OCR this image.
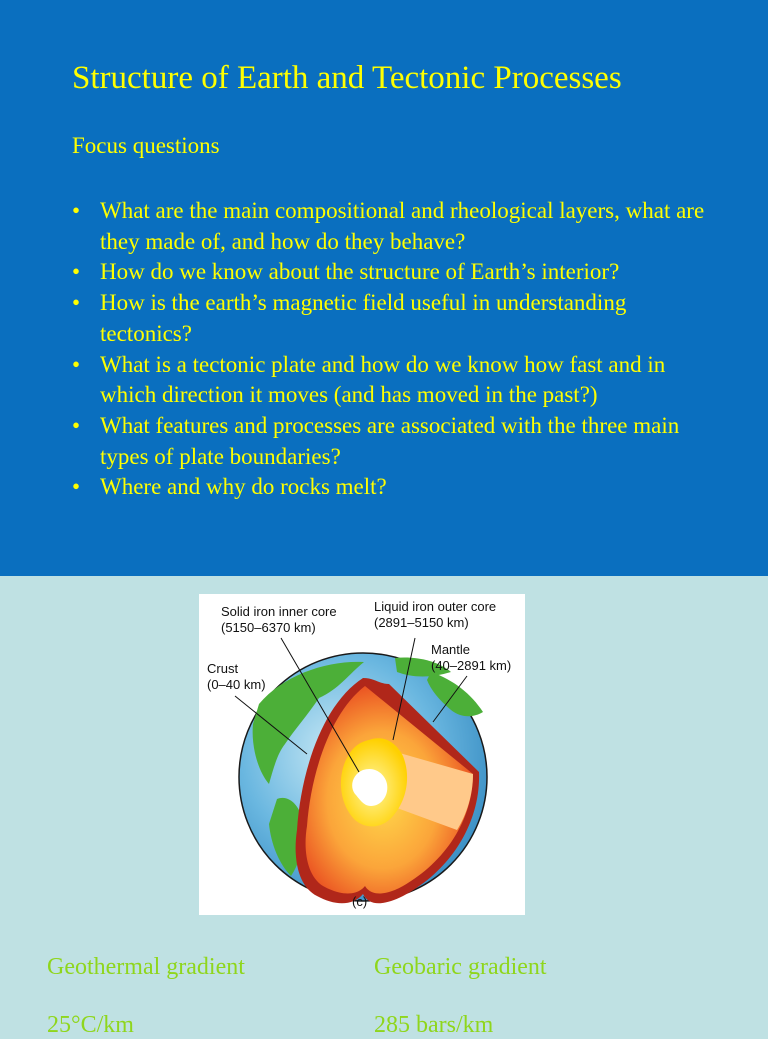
Structure of Earth and Tectonic Processes
Focus questions
• What are the main compositional and rheological layers, what are they made of, and how do they behave?
• How do we know about the structure of Earth’s interior?
• How is the earth’s magnetic field useful in understanding tectonics?
• What is a tectonic plate and how do we know how fast and in which direction it moves (and has moved in the past?)
• What features and processes are associated with the three main types of plate boundaries?
• Where and why do rocks melt?
Solid iron inner core
(5150–6370 km)
Liquid iron outer core
(2891–5150 km)
Mantle
(40–2891 km)
Crust
(0–40 km)
(c)
Geothermal gradient
25°C/km
Geobaric gradient
285 bars/km
